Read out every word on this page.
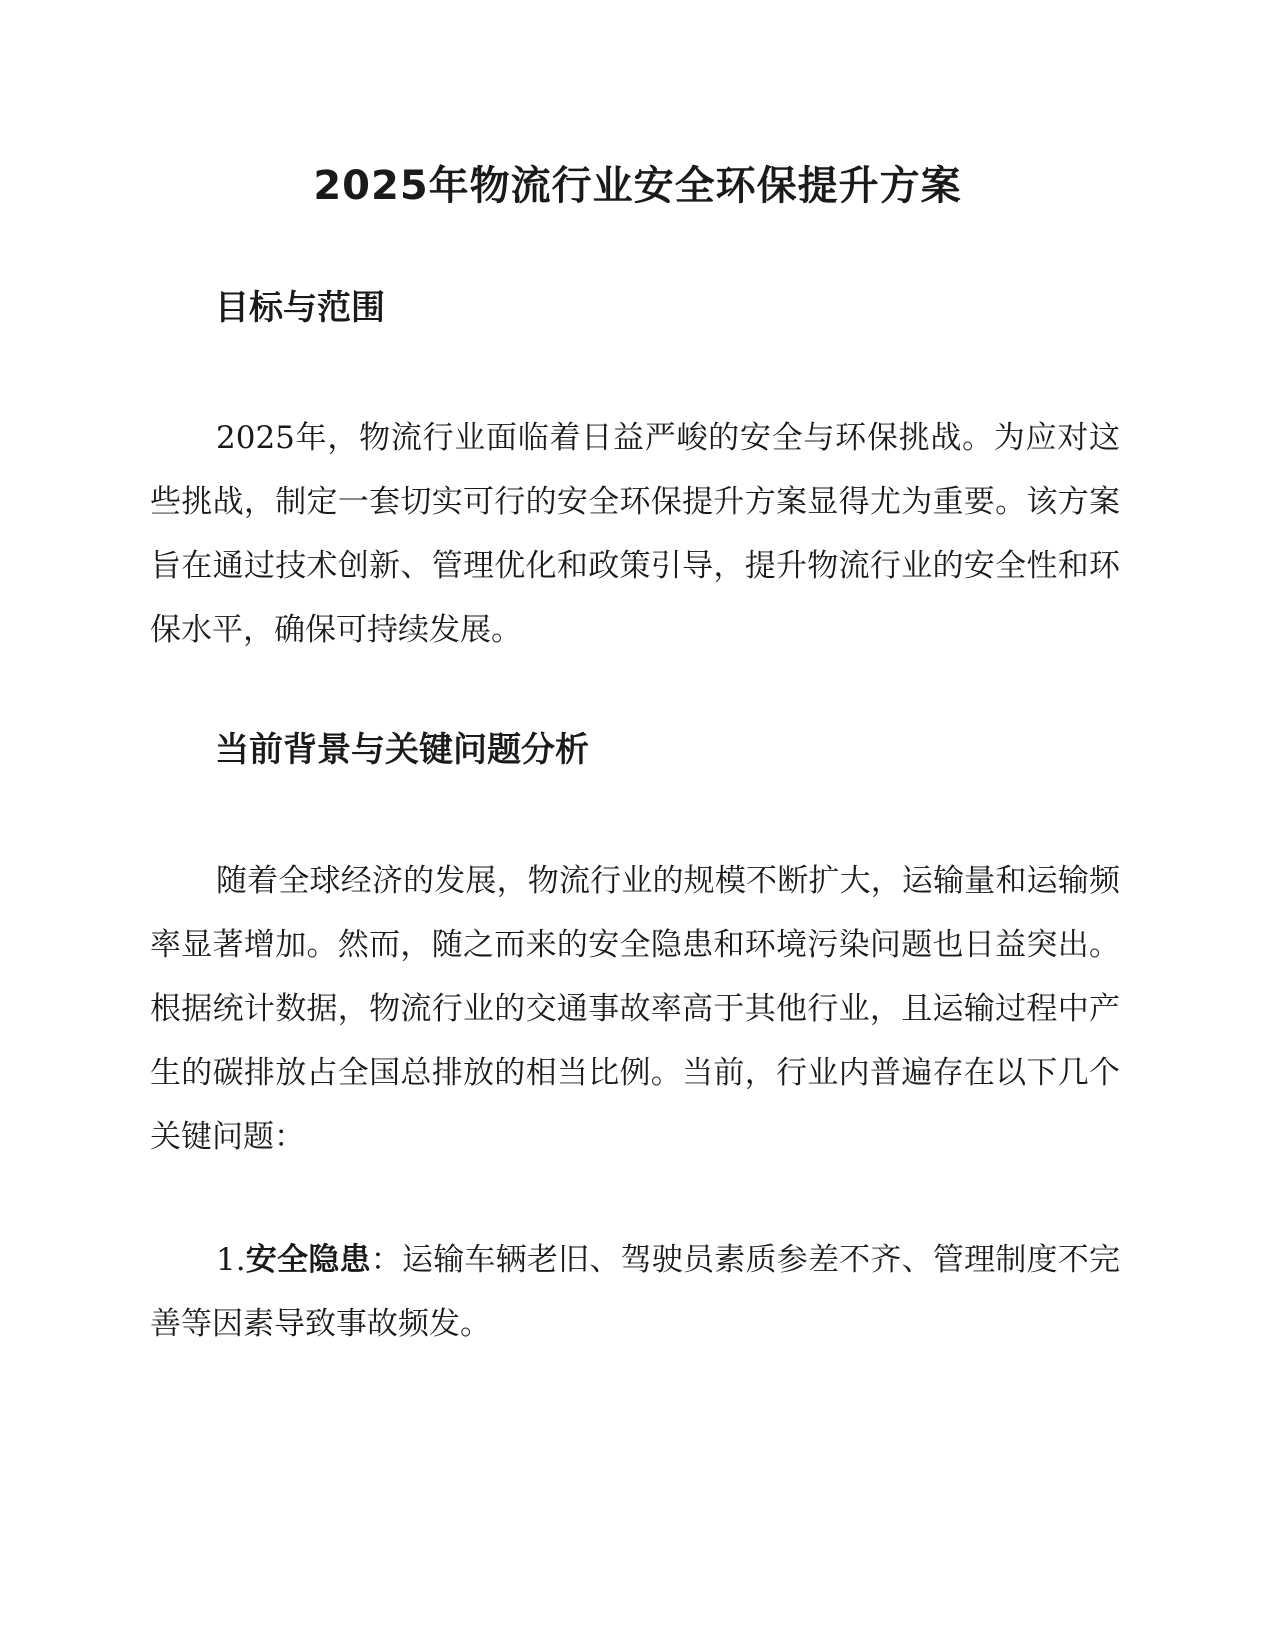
2025年物流行业安全环保提升方案
目标与范围

2025年，物流行业面临着日益严峻的安全与环保挑战。为应对这些挑战，制定一套切实可行的安全环保提升方案显得尤为重要。该方案旨在通过技术创新、管理优化和政策引导，提升物流行业的安全性和环保水平，确保可持续发展。

当前背景与关键问题分析

随着全球经济的发展，物流行业的规模不断扩大，运输量和运输频率显著增加。然而，随之而来的安全隐患和环境污染问题也日益突出。根据统计数据，物流行业的交通事故率高于其他行业，且运输过程中产生的碳排放占全国总排放的相当比例。当前，行业内普遍存在以下几个关键问题：

1.安全隐患：运输车辆老旧、驾驶员素质参差不齐、管理制度不完善等因素导致事故频发。
